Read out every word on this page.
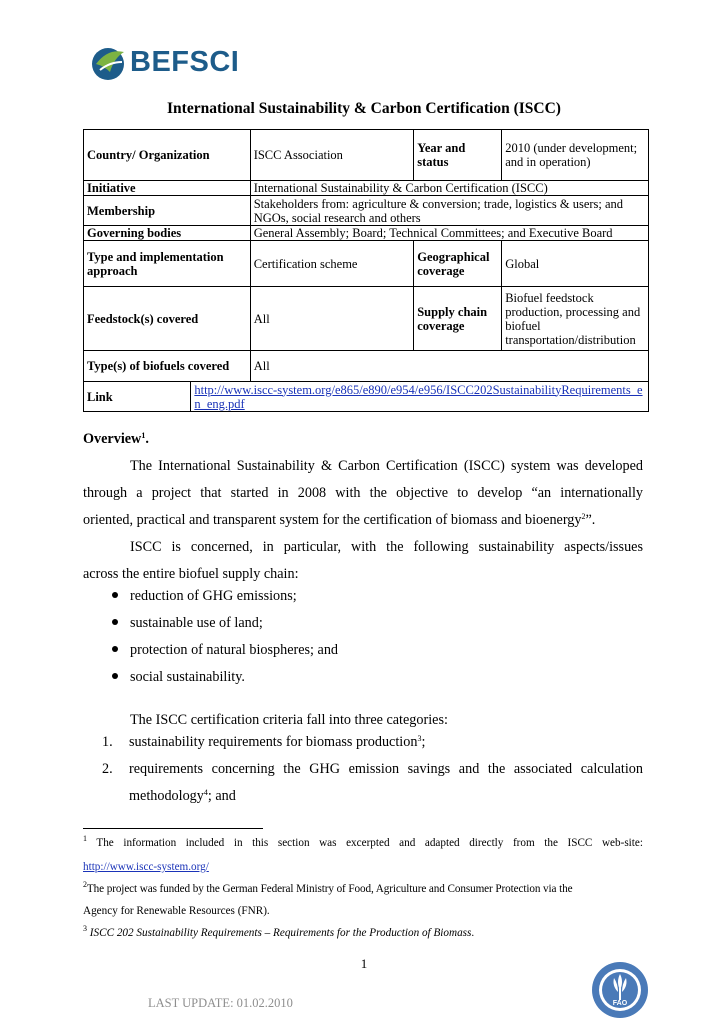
BEFSCI
International Sustainability & Carbon Certification (ISCC)
Country/ Organization		ISCC Association	Year and status	2010 (under development; and in operation)
Initiative		International Sustainability & Carbon Certification (ISCC)		
Membership		Stakeholders from: agriculture & conversion; trade, logistics & users; and NGOs, social research and others		
Governing bodies		General Assembly; Board; Technical Committees; and Executive Board		
Type and implementation approach		Certification scheme	Geographical coverage	Global
Feedstock(s) covered		All	Supply chain coverage	Biofuel feedstock production, processing and biofuel transportation/distribution
Type(s) of biofuels covered		All		
Link	http://www.iscc-system.org/e865/e890/e954/e956/ISCC202SustainabilityRequirements_en_eng.pdf			
Overview$^1$.
The International Sustainability & Carbon Certification (ISCC) system was developed
through a project that started in 2008 with the objective to develop “an internationally
oriented, practical and transparent system for the certification of biomass and bioenergy$^2$”.
ISCC is concerned, in particular, with the following sustainability aspects/issues
across the entire biofuel supply chain:
reduction of GHG emissions;
sustainable use of land;
protection of natural biospheres; and
social sustainability.
The ISCC certification criteria fall into three categories:
1. sustainability requirements for biomass production$^3$;
2. requirements concerning the GHG emission savings and the associated calculation
methodology$^4$; and
$^1$ The information included in this section was excerpted and adapted directly from the ISCC web-site:
http://www.iscc-system.org/
$^2$The project was funded by the German Federal Ministry of Food, Agriculture and Consumer Protection via the
Agency for Renewable Resources (FNR).
$^3$ ISCC 202 Sustainability Requirements – Requirements for the Production of Biomass.
1
FAO
LAST UPDATE: 01.02.2010
